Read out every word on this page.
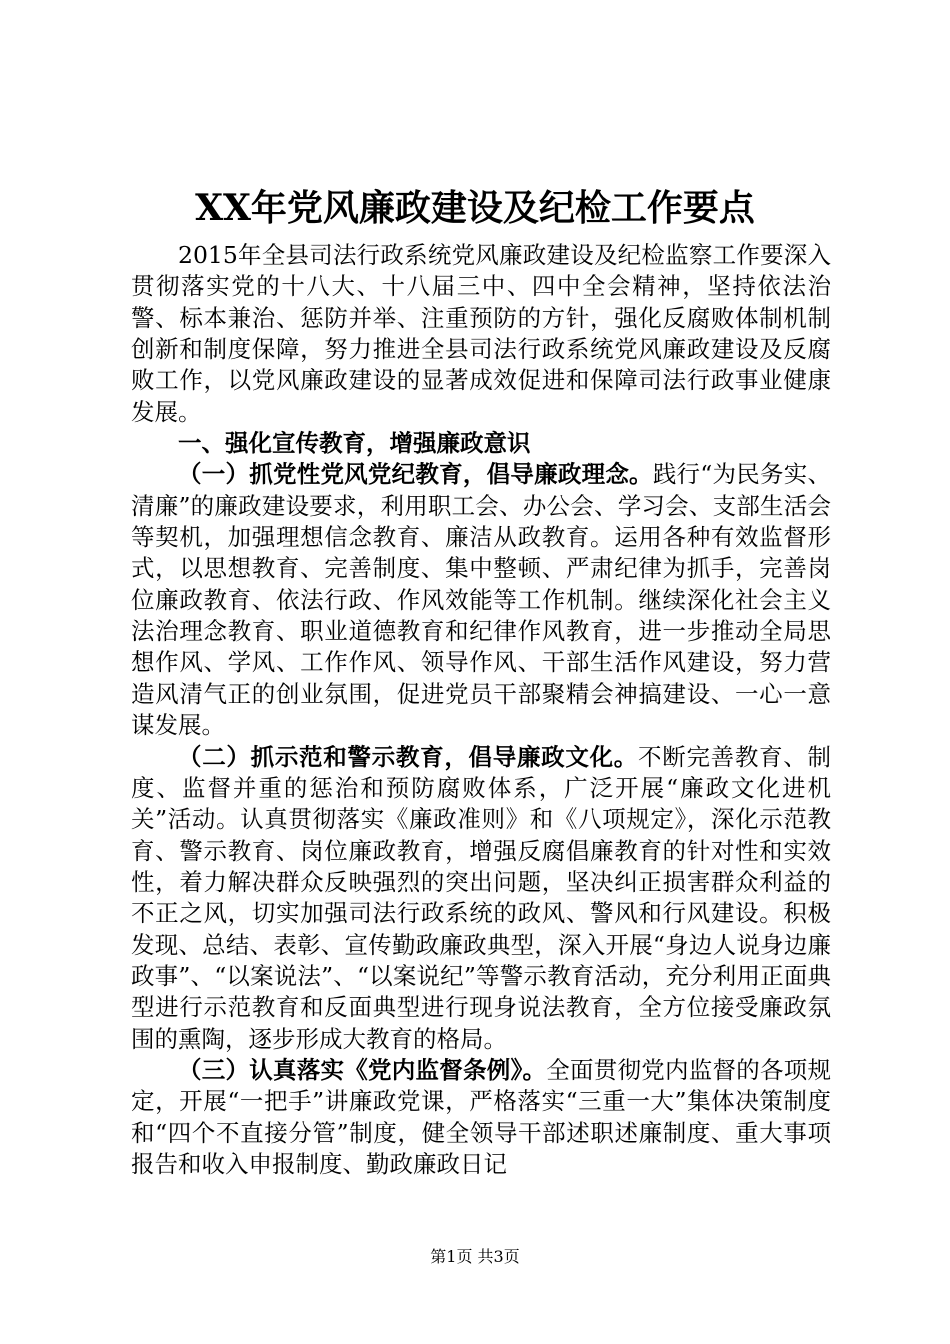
XX年党风廉政建设及纪检工作要点

2015年全县司法行政系统党风廉政建设及纪检监察工作要深入贯彻落实党的十八大、十八届三中、四中全会精神，坚持依法治警、标本兼治、惩防并举、注重预防的方针，强化反腐败体制机制创新和制度保障，努力推进全县司法行政系统党风廉政建设及反腐败工作，以党风廉政建设的显著成效促进和保障司法行政事业健康发展。

一、强化宣传教育，增强廉政意识

（一）抓党性党风党纪教育，倡导廉政理念。践行“为民务实、清廉”的廉政建设要求，利用职工会、办公会、学习会、支部生活会等契机，加强理想信念教育、廉洁从政教育。运用各种有效监督形式，以思想教育、完善制度、集中整顿、严肃纪律为抓手，完善岗位廉政教育、依法行政、作风效能等工作机制。继续深化社会主义法治理念教育、职业道德教育和纪律作风教育，进一步推动全局思想作风、学风、工作作风、领导作风、干部生活作风建设，努力营造风清气正的创业氛围，促进党员干部聚精会神搞建设、一心一意谋发展。

（二）抓示范和警示教育，倡导廉政文化。不断完善教育、制度、监督并重的惩治和预防腐败体系，广泛开展“廉政文化进机关”活动。认真贯彻落实《廉政准则》和《八项规定》，深化示范教育、警示教育、岗位廉政教育，增强反腐倡廉教育的针对性和实效性，着力解决群众反映强烈的突出问题，坚决纠正损害群众利益的不正之风，切实加强司法行政系统的政风、警风和行风建设。积极发现、总结、表彰、宣传勤政廉政典型，深入开展“身边人说身边廉政事”、“以案说法”、“以案说纪”等警示教育活动，充分利用正面典型进行示范教育和反面典型进行现身说法教育，全方位接受廉政氛围的熏陶，逐步形成大教育的格局。

（三）认真落实《党内监督条例》。全面贯彻党内监督的各项规定，开展“一把手”讲廉政党课，严格落实“三重一大”集体决策制度和“四个不直接分管”制度，健全领导干部述职述廉制度、重大事项报告和收入申报制度、勤政廉政日记

第1页 共3页
